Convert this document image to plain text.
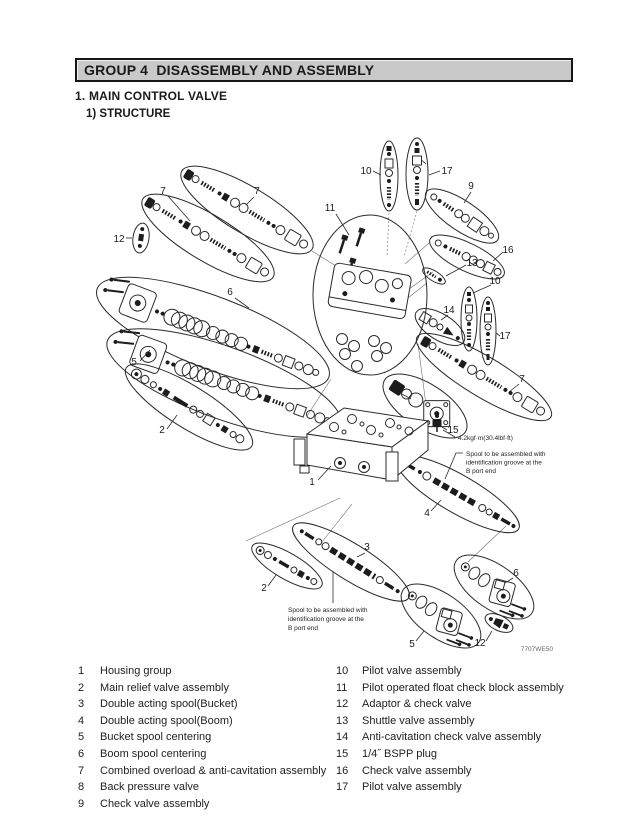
GROUP 4  DISASSEMBLY AND ASSEMBLY
1. MAIN CONTROL VALVE
1) STRUCTURE
7	7
12
11
10	17
9
16
13
10
14
17
6
5
7
8
2	15
1
4
3
2
6
5	12
4.2kgf·m(30.4lbf·ft)
Spool to be assembled with identification groove at the B port end
Spool to be assembled with identification groove at the B port end
7707WE50
1	Housing group
2	Main relief valve assembly
3	Double acting spool(Bucket)
4	Double acting spool(Boom)
5	Bucket spool centering
6	Boom spool centering
7	Combined overload & anti-cavitation assembly
8	Back pressure valve
9	Check valve assembly
10	Pilot valve assembly
11	Pilot operated float check block assembly
12	Adaptor & check valve
13	Shuttle valve assembly
14	Anti-cavitation check valve assembly
15	1/4˝ BSPP plug
16	Check valve assembly
17	Pilot valve assembly
